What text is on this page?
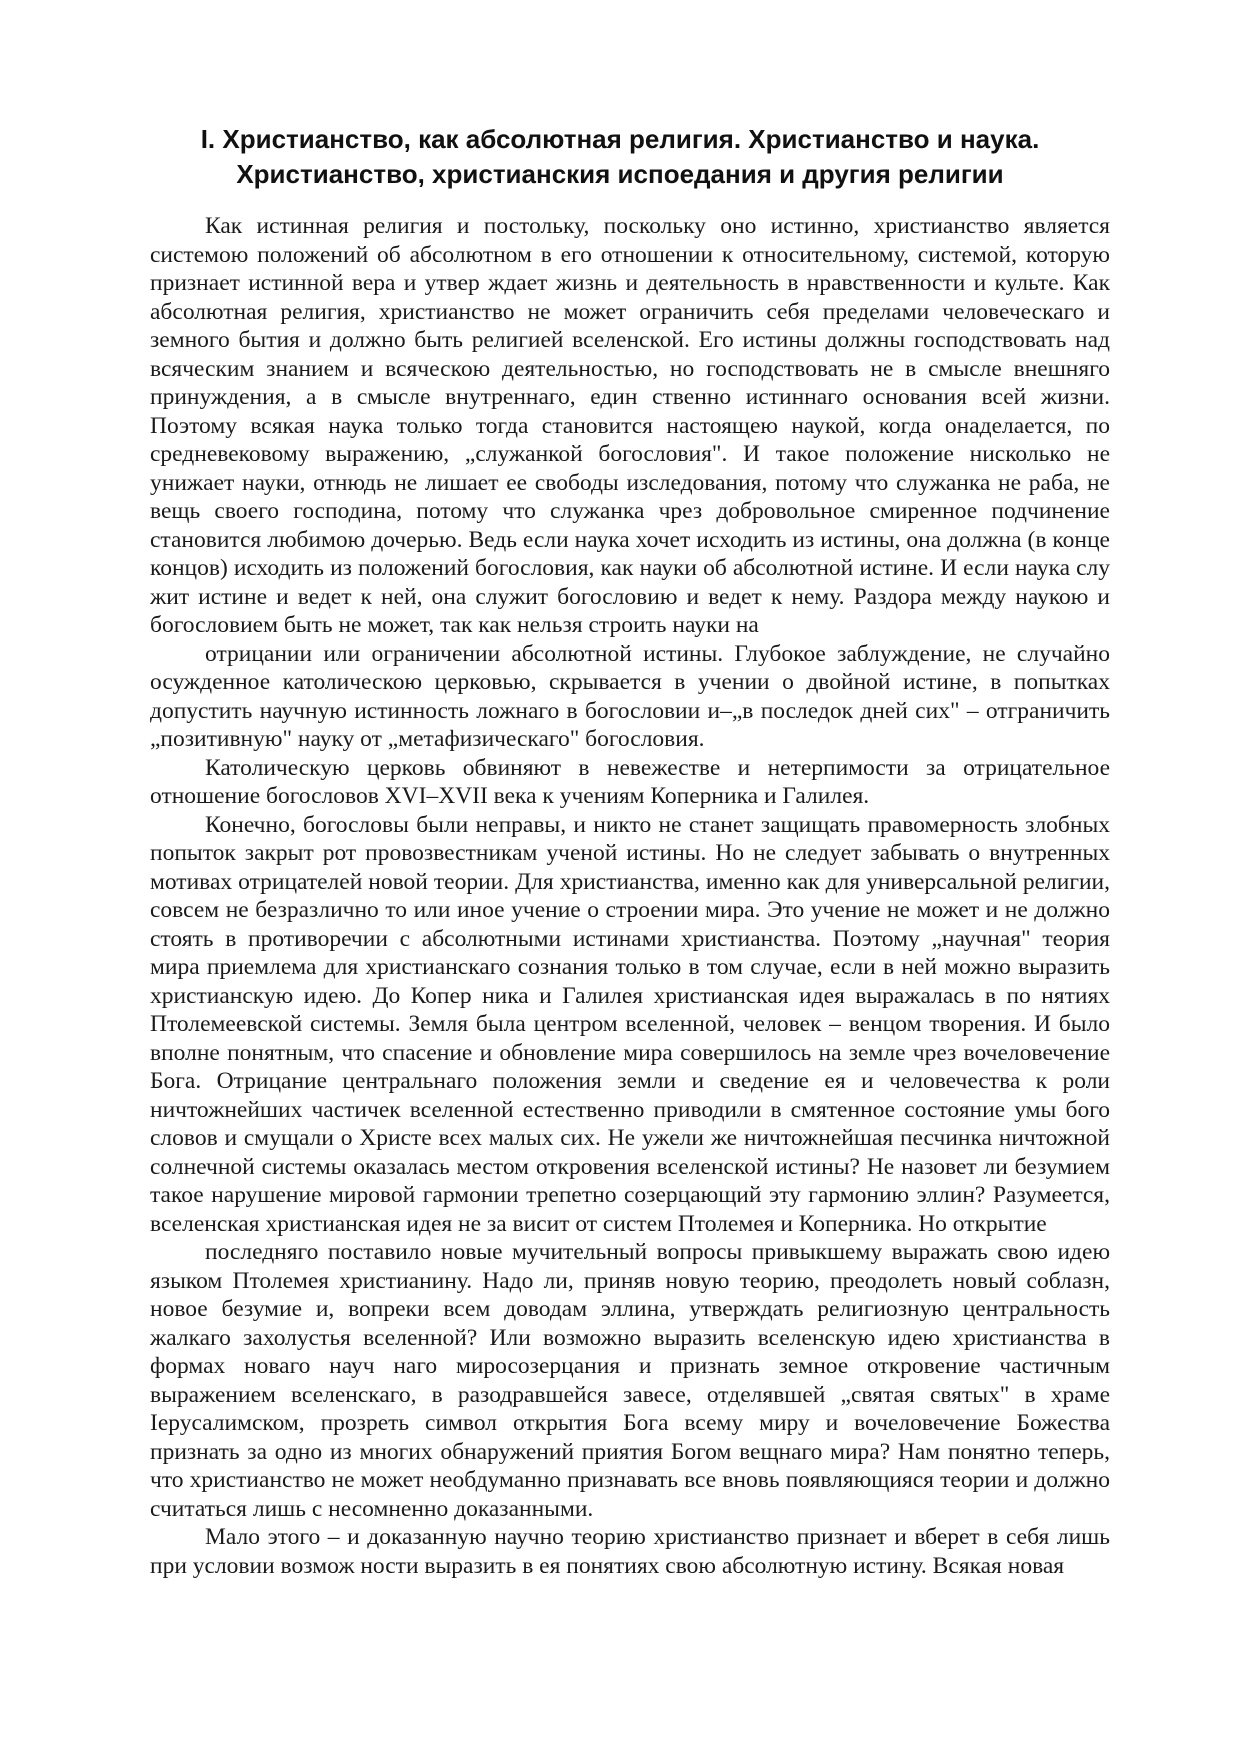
I. Христианство, как абсолютная религия. Христианство и наука.
Христианство, христианския испоедания и другия религии

Как истинная религия и постольку, поскольку оно истинно, христианство является системою положений об абсолютном в его отношении к относительному, системой, которую признает истинной вера и утвер ждает жизнь и деятельность в нравственности и культе. Как абсолютная религия, христианство не может ограничить себя пределами человеческаго и земного бытия и должно быть религией вселенской. Его истины должны господствовать над всяческим знанием и всяческою деятельностью, но господствовать не в смысле внешняго принуждения, а в смысле внутреннаго, един ственно истиннаго основания всей жизни. Поэтому всякая наука только тогда становится настоящею наукой, когда онаделается, по средневековому выражению, „служанкой богословия". И такое положение нисколько не унижает науки, отнюдь не лишает ее свободы изследования, потому что служанка не раба, не вещь своего господина, потому что служанка чрез добровольное смиренное подчинение становится любимою дочерью. Ведь если наука хочет исходить из истины, она должна (в конце концов) исходить из положений богословия, как науки об абсолютной истине. И если наука слу жит истине и ведет к ней, она служит богословию и ведет к нему. Раздора между наукою и богословием быть не может, так как нельзя строить науки на

отрицании или ограничении абсолютной истины. Глубокое заблуждение, не случайно осужденное католическою церковью, скрывается в учении о двойной истине, в попытках допустить научную истинность ложнаго в богословии и–„в последок дней сих" – отграничить „позитивную" науку от „метафизическаго" богословия.

Католическую церковь обвиняют в невежестве и нетерпимости за отрицательное отношение богословов XVI–XVII века к учениям Коперника и Галилея.

Конечно, богословы были неправы, и никто не станет защищать правомерность злобных попыток закрыт рот провозвестникам ученой истины. Но не следует забывать о внутренных мотивах отрицателей новой теории. Для христианства, именно как для универсальной религии, совсем не безразлично то или иное учение о строении мира. Это учение не может и не должно стоять в противоречии с абсолютными истинами христианства. Поэтому „научная" теория мира приемлема для христианскаго сознания только в том случае, если в ней можно выразить христианскую идею. До Копер ника и Галилея христианская идея выражалась в по нятиях Птолемеевской системы. Земля была центром вселенной, человек – венцом творения. И было вполне понятным, что спасение и обновление мира совершилось на земле чрез вочеловечение Бога. Отрицание центральнаго положения земли и сведение ея и человечества к роли ничтожнейших частичек вселенной естественно приводили в смятенное состояние умы бого словов и смущали о Христе всех малых сих. Не ужели же ничтожнейшая песчинка ничтожной солнечной системы оказалась местом откровения вселенской истины? Не назовет ли безумием такое нарушение мировой гармонии трепетно созерцающий эту гармонию эллин? Разумеется, вселенская христианская идея не за висит от систем Птолемея и Коперника. Но открытие

последняго поставило новые мучительный вопросы привыкшему выражать свою идею языком Птолемея христианину. Надо ли, приняв новую теорию, преодолеть новый соблазн, новое безумие и, вопреки всем доводам эллина, утверждать религиозную центральность жалкаго захолустья вселенной? Или возможно выразить вселенскую идею христианства в формах новаго науч наго миросозерцания и признать земное откровение частичным выражением вселенскаго, в разодравшейся завесе, отделявшей „святая святых" в храме Іерусалимском, прозреть символ открытия Бога всему миру и вочеловечение Божества признать за одно из многих обнаружений приятия Богом вещнаго мира? Нам понятно теперь, что христианство не может необдуманно признавать все вновь появляющияся теории и должно считаться лишь с несомненно доказанными.

Мало этого – и доказанную научно теорию христианство признает и вберет в себя лишь при условии возмож ности выразить в ея понятиях свою абсолютную истину. Всякая новая
